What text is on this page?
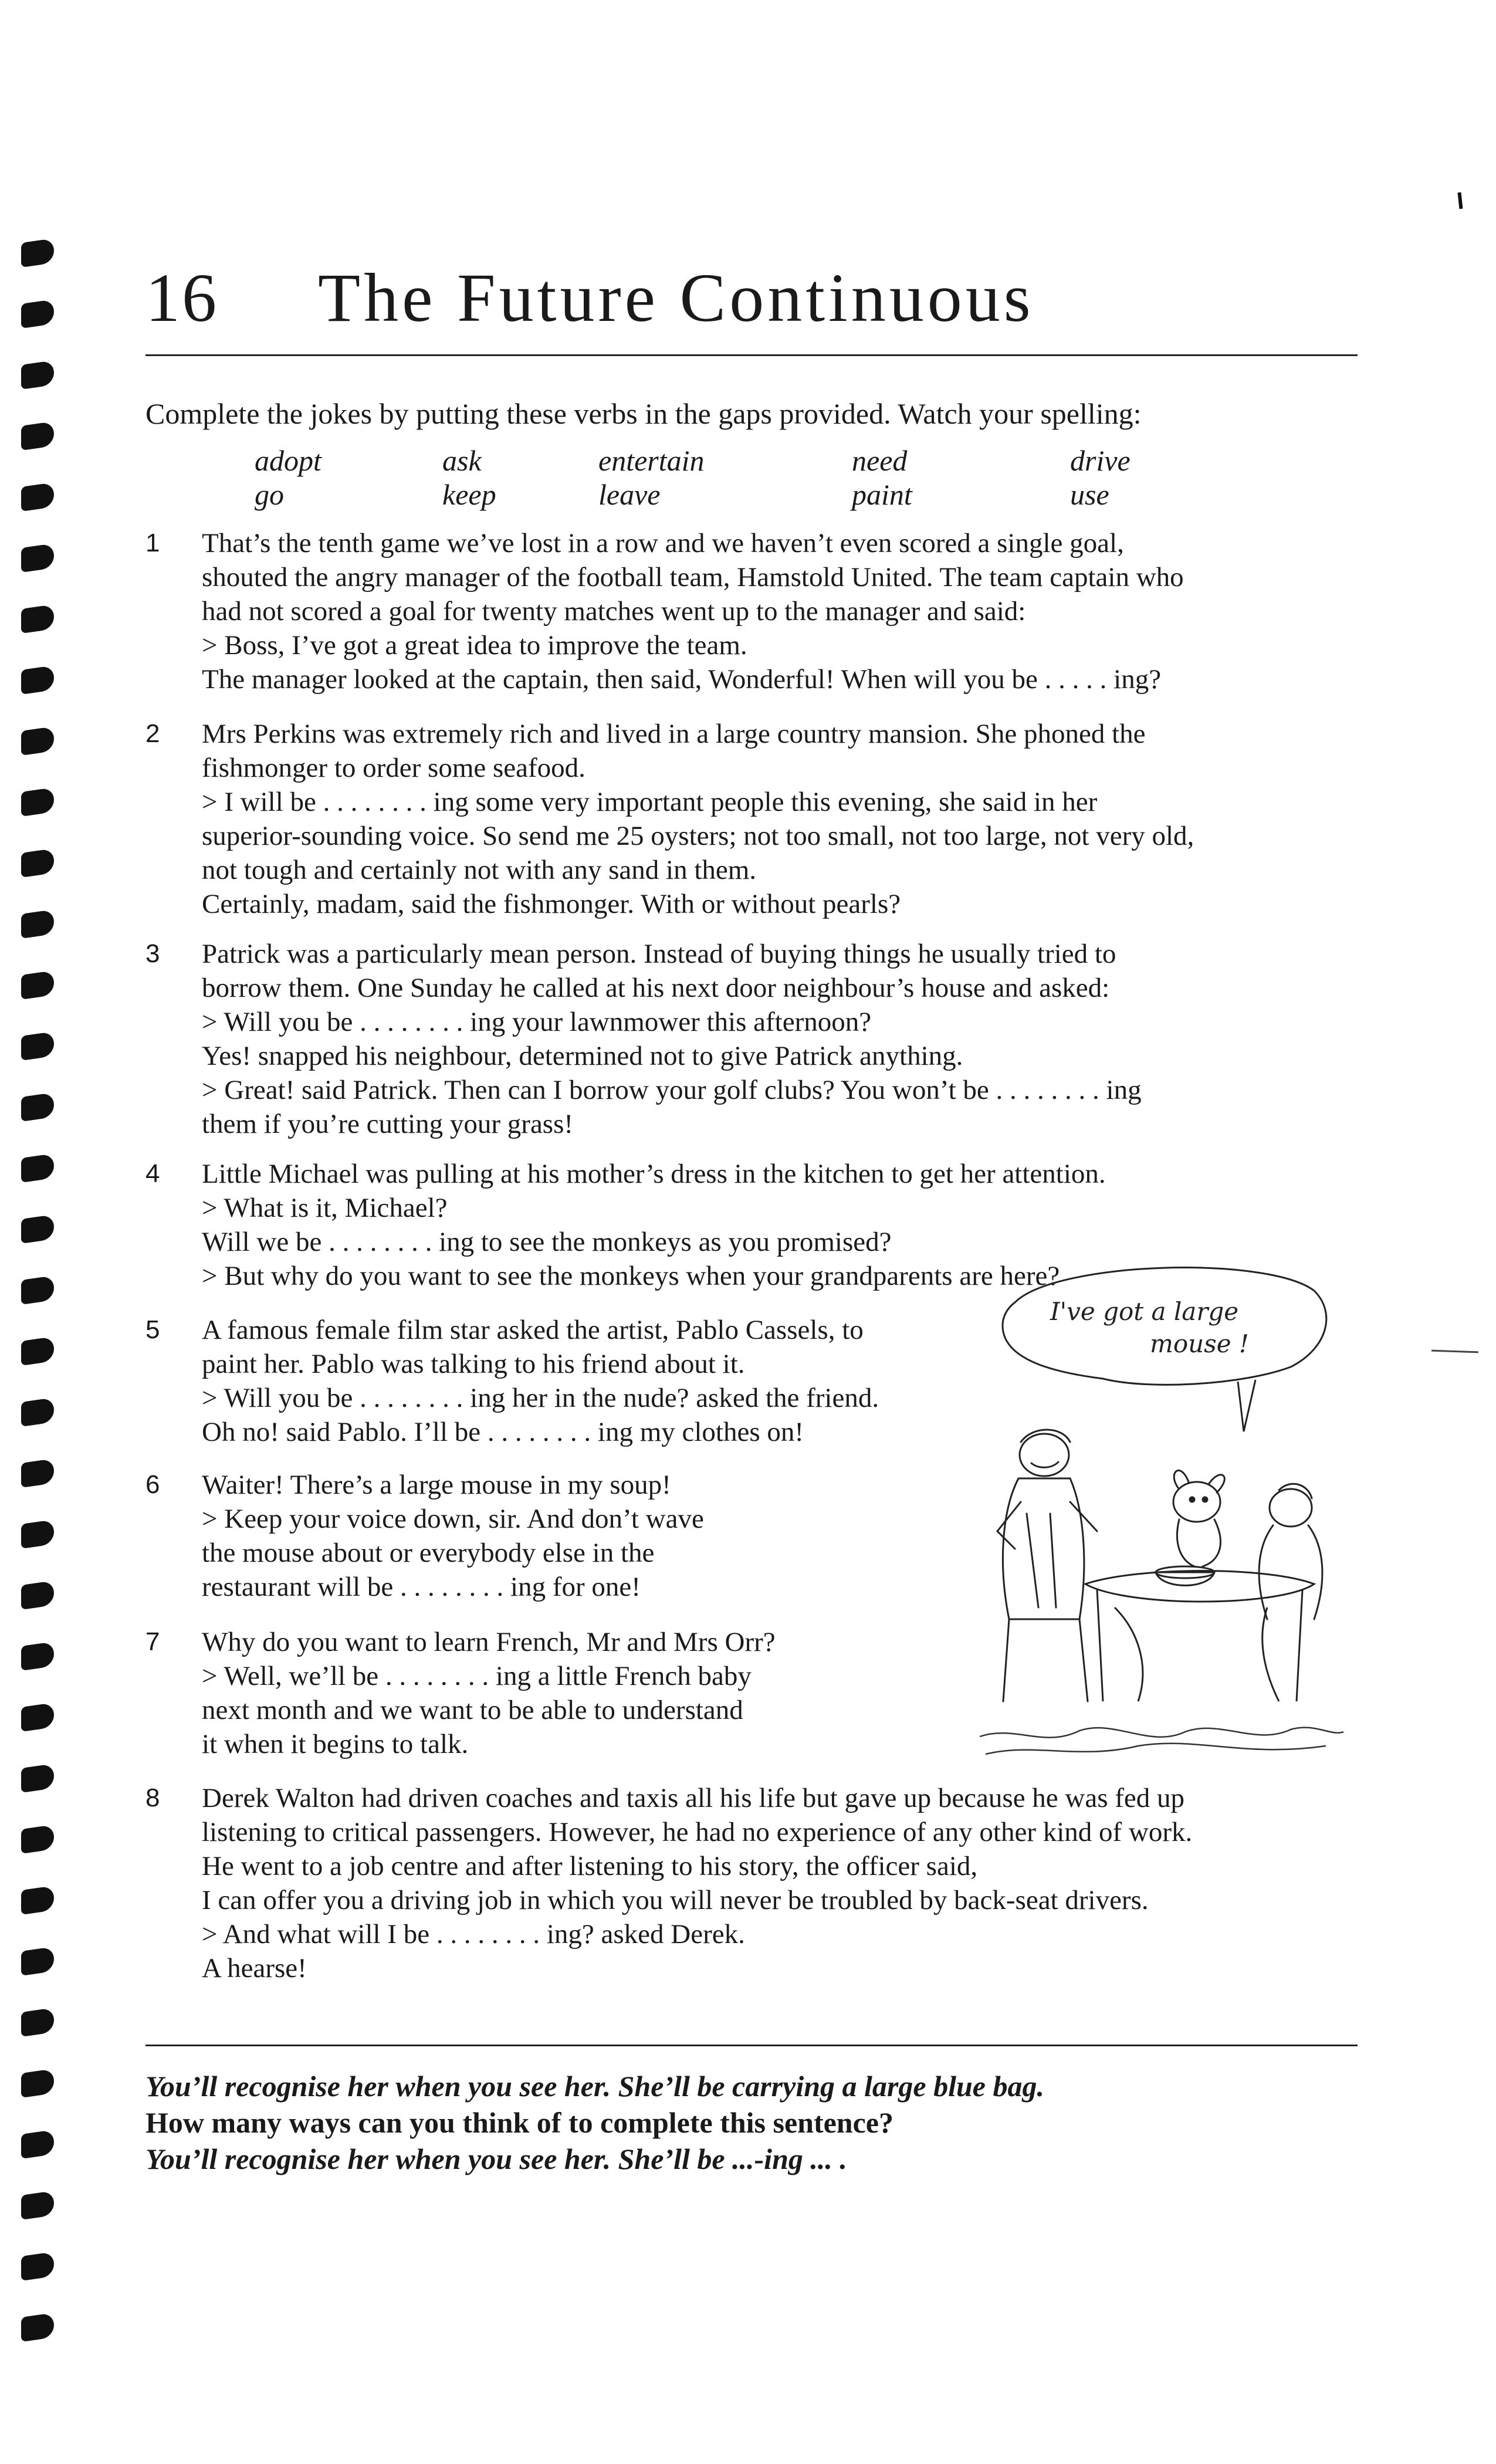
16 The Future Continuous
Complete the jokes by putting these verbs in the gaps provided. Watch your spelling:
adopt	ask	entertain	need	drive
go	keep	leave	paint	use
1 That’s the tenth game we’ve lost in a row and we haven’t even scored a single goal,
shouted the angry manager of the football team, Hamstold United. The team captain who
had not scored a goal for twenty matches went up to the manager and said:
> Boss, I’ve got a great idea to improve the team.
The manager looked at the captain, then said, Wonderful! When will you be . . . . . ing?
2 Mrs Perkins was extremely rich and lived in a large country mansion. She phoned the
fishmonger to order some seafood.
> I will be . . . . . . . . ing some very important people this evening, she said in her
superior-sounding voice. So send me 25 oysters; not too small, not too large, not very old,
not tough and certainly not with any sand in them.
Certainly, madam, said the fishmonger. With or without pearls?
3 Patrick was a particularly mean person. Instead of buying things he usually tried to
borrow them. One Sunday he called at his next door neighbour’s house and asked:
> Will you be . . . . . . . . ing your lawnmower this afternoon?
Yes! snapped his neighbour, determined not to give Patrick anything.
> Great! said Patrick. Then can I borrow your golf clubs? You won’t be . . . . . . . . ing
them if you’re cutting your grass!
4 Little Michael was pulling at his mother’s dress in the kitchen to get her attention.
> What is it, Michael?
Will we be . . . . . . . . ing to see the monkeys as you promised?
> But why do you want to see the monkeys when your grandparents are here?
5 A famous female film star asked the artist, Pablo Cassels, to
paint her. Pablo was talking to his friend about it.
> Will you be . . . . . . . . ing her in the nude? asked the friend.
Oh no! said Pablo. I’ll be . . . . . . . . ing my clothes on!
6 Waiter! There’s a large mouse in my soup!
> Keep your voice down, sir. And don’t wave
the mouse about or everybody else in the
restaurant will be . . . . . . . . ing for one!
7 Why do you want to learn French, Mr and Mrs Orr?
> Well, we’ll be . . . . . . . . ing a little French baby
next month and we want to be able to understand
it when it begins to talk.
8 Derek Walton had driven coaches and taxis all his life but gave up because he was fed up
listening to critical passengers. However, he had no experience of any other kind of work.
He went to a job centre and after listening to his story, the officer said,
I can offer you a driving job in which you will never be troubled by back-seat drivers.
> And what will I be . . . . . . . . ing? asked Derek.
A hearse!
I've got a large
mouse !
You’ll recognise her when you see her. She’ll be carrying a large blue bag.
How many ways can you think of to complete this sentence?
You’ll recognise her when you see her. She’ll be ...-ing ... .
